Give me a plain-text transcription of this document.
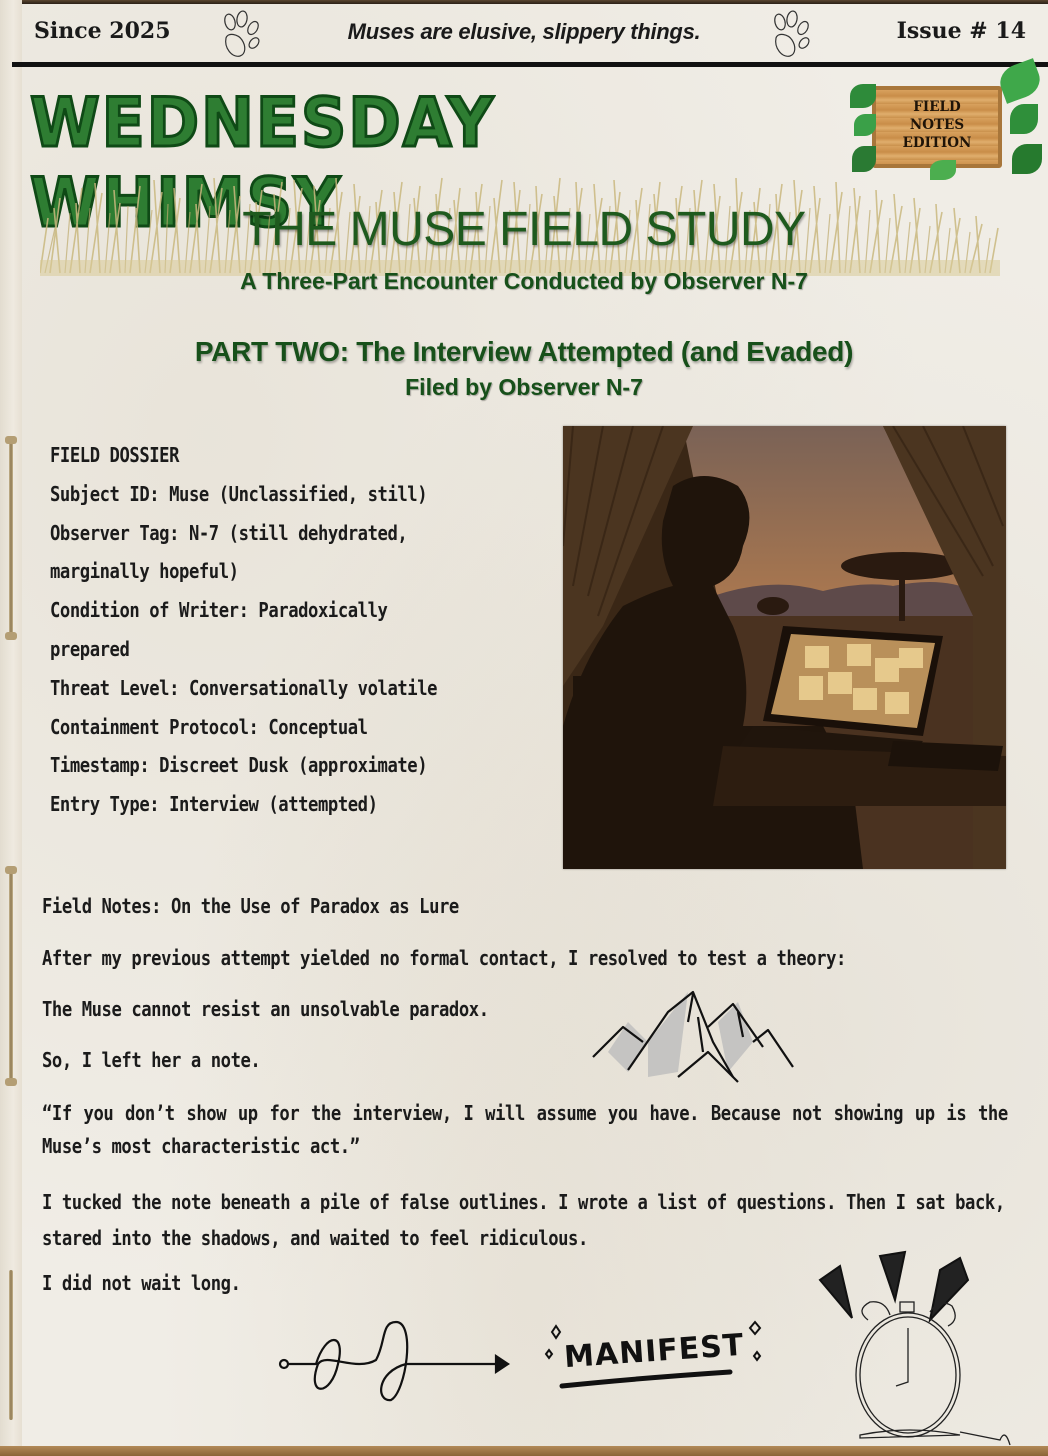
Since 2025	Muses are elusive, slippery things.	Issue # 14
WEDNESDAY WHIMSY
FIELD
NOTES
EDITION
THE MUSE FIELD STUDY
A Three-Part Encounter Conducted by Observer N-7
PART TWO: The Interview Attempted (and Evaded)
Filed by Observer N-7
FIELD DOSSIER
Subject ID: Muse (Unclassified, still)
Observer Tag: N-7 (still dehydrated,
marginally hopeful)
Condition of Writer: Paradoxically
prepared
Threat Level: Conversationally volatile
Containment Protocol: Conceptual
Timestamp: Discreet Dusk (approximate)
Entry Type: Interview (attempted)
Field Notes: On the Use of Paradox as Lure
After my previous attempt yielded no formal contact, I resolved to test a theory:
The Muse cannot resist an unsolvable paradox.
So, I left her a note.
“If you don’t show up for the interview, I will assume you have. Because not showing up is the Muse’s most characteristic act.”
I tucked the note beneath a pile of false outlines. I wrote a list of questions. Then I sat back, stared into the shadows, and waited to feel ridiculous.
I did not wait long.
MANIFEST
